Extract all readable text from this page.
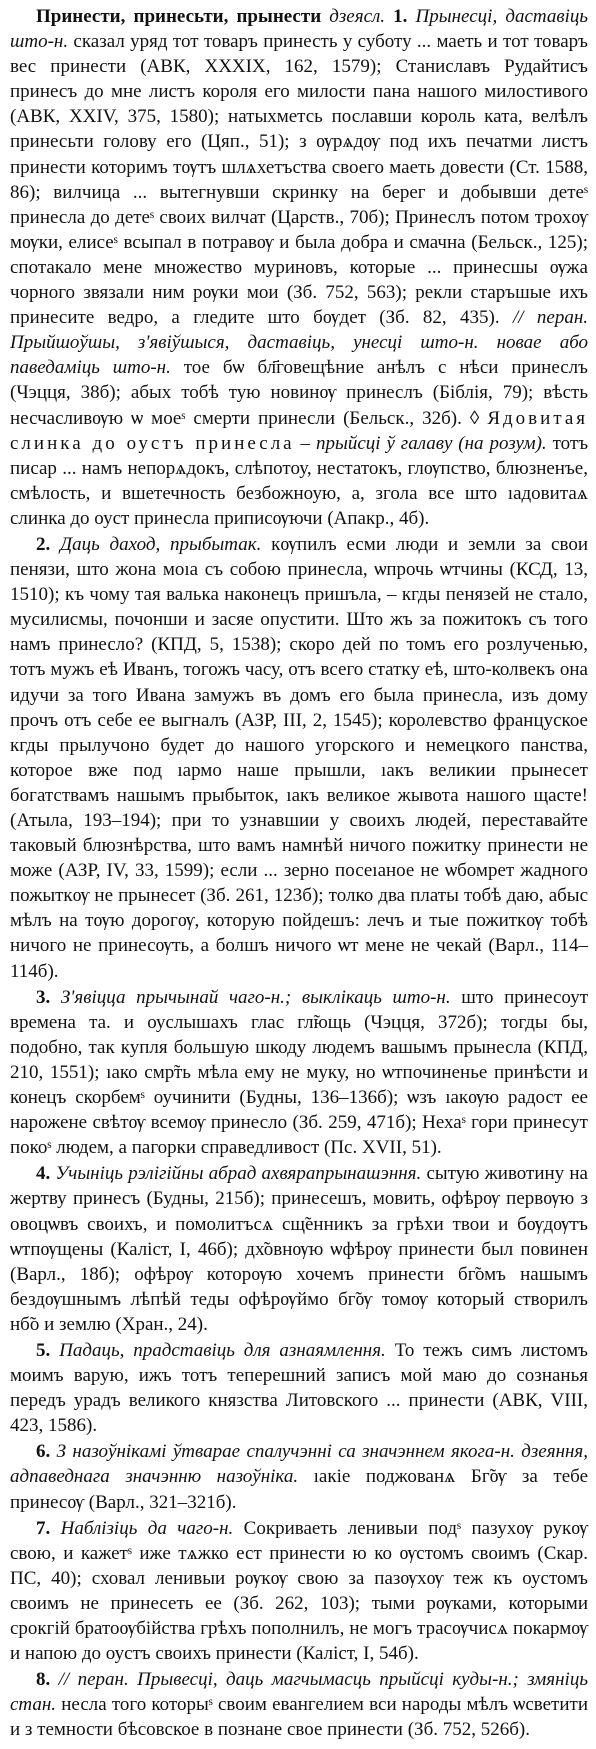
Принести, принесьти, прынести дзеясл. 1. Прынесці, даставіць што-н. сказал уряд тот товаръ принесть у суботу ... маеть и тот товаръ вес принести (АВК, XXXIX, 162, 1579); Станиславъ Рудайтисъ принесъ до мне листъ короля его милости пана нашого милостивого (АВК, XXIV, 375, 1580); натыхметсь пославши король ката, велѣлъ принесьти голову его (Цяп., 51); з ѹрѧдѹ под ихъ печатми листъ принести которимъ тѹтъ шлѧхетъства своего маеть довести (Ст. 1588, 86); вилчица ... вытегнувши скринку на берег и добывши детеˢ принесла до детеˢ своих вилчат (Царств., 70б); Принеслъ потом трохѹ мѹки, елисеˢ всыпал в потравѹ и была добра и смачна (Бельск., 125); спотакало мене множество муриновъ, которые ... принесшы ѹжа чорного звязали ним рѹки мои (Зб. 752, 563); рекли старъшые ихъ принесите ведро, а гледите што бѹдет (Зб. 82, 435). // перан. Прыйшоўшы, з'явіўшыся, даставіць, унесці што-н. новае або паведаміць што-н. тое бѡ бл҃говещѣние анѣлъ с нѣси принеслъ (Чэцця, 38б); абых тобѣ тую новинѹ принеслъ (Біблія, 79); вѣсть несчасливѹю ѡ моеˢ смерти принесли (Бельск., 32б). ◊ Ядовитая слинка до оустъ принесла – прыйсці ў галаву (на розум). тотъ писар ... намъ непорѧдокъ, слѣпотоу, нестатокъ, глѹпство, блюзненъе, смѣлость, и вшетечность безбожноую, а, згола все што ıадовитаѧ слинка до оуст принесла приписѹючи (Апакр., 4б).

2. Даць даход, прыбытак. кѹпилъ есми люди и земли за свои пенязи, што жона моıа съ собою принесла, ѡпрочь ѡтчины (КСД, 13, 1510); къ чому тая валька наконецъ пришъла, – кгды пенязей не стало, мусилисмы, почонши и засяе опустити. Што жъ за пожитокъ съ того намъ принесло? (КПД, 5, 1538); скоро дей по томъ его розлученью, тотъ мужъ еѣ Иванъ, тогожъ часу, отъ всего статку еѣ, што-колвекъ она идучи за того Ивана замужъ въ домъ его была принесла, изъ дому прочъ отъ себе ее выгналъ (АЗР, III, 2, 1545); королевство француское кгды прылучоно будет до нашого угорского и немецкого панства, которое вже под ıармо наше прышли, ıакъ великии прынесет богатствамъ нашымъ прыбыток, ıакъ великое жывота нашого щасте! (Атыла, 193–194); при то узнавшии у своихъ людей, переставайте таковый блюзнѣрства, што вамъ намнѣй ничого пожитку принести не може (АЗР, IV, 33, 1599); если ... зерно посеıаное не ѡбомрет жадного пожыткѹ не прынесет (Зб. 261, 123б); толко два платы тобѣ даю, абыс мѣлъ на тѹю дорогѹ, которую пойдешъ: лечъ и тые пожиткѹ тобѣ ничого не принесѹть, а болшъ ничого ѡт мене не чекай (Варл., 114–114б).

3. З'явіцца прычынай чаго-н.; выклікаць што-н. што принесоут времена та. и оуслышахъ глас гл̃ющь (Чэцця, 372б); тогды бы, подобно, так купля большую шкоду людемъ вашымъ прынесла (КПД, 210, 1551); ıако смр̃ть мѣла ему не муку, но ѡтпочиненье принѣсти и конецъ скорбемˢ оучинити (Будны, 136–136б); ѡзъ ıакѹю радост ее нарожене свѣтѹ всемѹ принесло (Зб. 259, 471б); Нехаˢ гори принесут покоˢ людем, а пагорки справедливост (Пс. XVII, 51).

4. Учыніць рэлігійны абрад ахвярапрынашэння. сытую животину на жертву принесъ (Будны, 215б); принесешъ, мовить, офѣрѹ первѹю з овоцѡвъ своихъ, и помолитъсѧ сщ̃енникъ за грѣхи твои и бѹдѹтъ ѡтпѹщены (Каліст, I, 46б); дх̃овнѹю ѡфѣрѹ принести был повинен (Варл., 18б); офѣрѹ которѹю хочемъ принести бг̃омъ нашымъ бездѹшнымъ лѣпѣй теды офѣрѹймо бг̃ѹ томѹ который створилъ нб̃о и землю (Хран., 24).

5. Падаць, прадставіць для азнаямлення. То тежъ симъ листомъ моимъ варую, ижъ тотъ теперешний записъ мой маю до сознанья передъ урадъ великого князства Литовского ... принести (АВК, VIII, 423, 1586).

6. З назоўнікамі ўтварае спалучэнні са значэннем якога-н. дзеяння, адпаведнага значэнню назоўніка. ıакіе поджованѧ Бг̃ѹ за тебе принесѹ (Варл., 321–321б).

7. Наблізіць да чаго-н. Сокриваеть ленивыи подˢ пазухѹ рукѹ свою, и кажетˢ иже тѧжко ест принести ю ко ѹстомъ своимъ (Скар. ПС, 40); сховал ленивыи рѹкѹ свою за пазѹхѹ теж къ оустомъ своимъ не принесеть ее (Зб. 262, 103); тыми рѹками, которыми срокгій братоѹбійства грѣхъ пополнилъ, не могъ трасѹчисѧ покармѹ и напою до оустъ своихъ принести (Каліст, I, 54б).

8. // перан. Прывесці, даць магчымасць прыйсці куды-н.; змяніць стан. несла того которыˢ своим евангелием вси народы мѣлъ ѡсветити и з темности бѣсовское в познане свое принести (Зб. 752, 526б).
